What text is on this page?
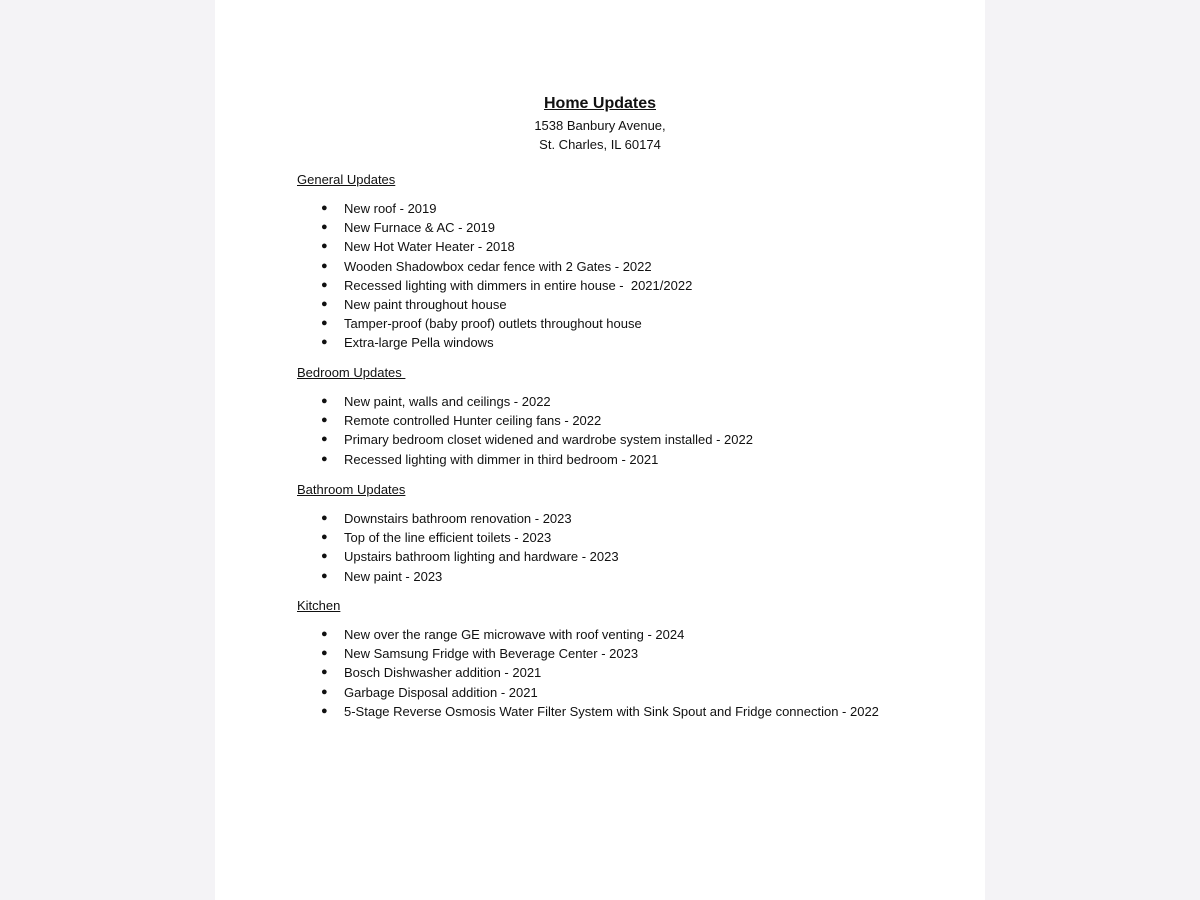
Home Updates
1538 Banbury Avenue,
St. Charles, IL 60174
General Updates
● New roof - 2019
● New Furnace & AC - 2019
● New Hot Water Heater - 2018
● Wooden Shadowbox cedar fence with 2 Gates - 2022
● Recessed lighting with dimmers in entire house -  2021/2022
● New paint throughout house
● Tamper-proof (baby proof) outlets throughout house
● Extra-large Pella windows
Bedroom Updates
● New paint, walls and ceilings - 2022
● Remote controlled Hunter ceiling fans - 2022
● Primary bedroom closet widened and wardrobe system installed - 2022
● Recessed lighting with dimmer in third bedroom - 2021
Bathroom Updates
● Downstairs bathroom renovation - 2023
● Top of the line efficient toilets - 2023
● Upstairs bathroom lighting and hardware - 2023
● New paint - 2023
Kitchen
● New over the range GE microwave with roof venting - 2024
● New Samsung Fridge with Beverage Center - 2023
● Bosch Dishwasher addition - 2021
● Garbage Disposal addition - 2021
● 5-Stage Reverse Osmosis Water Filter System with Sink Spout and Fridge connection - 2022
